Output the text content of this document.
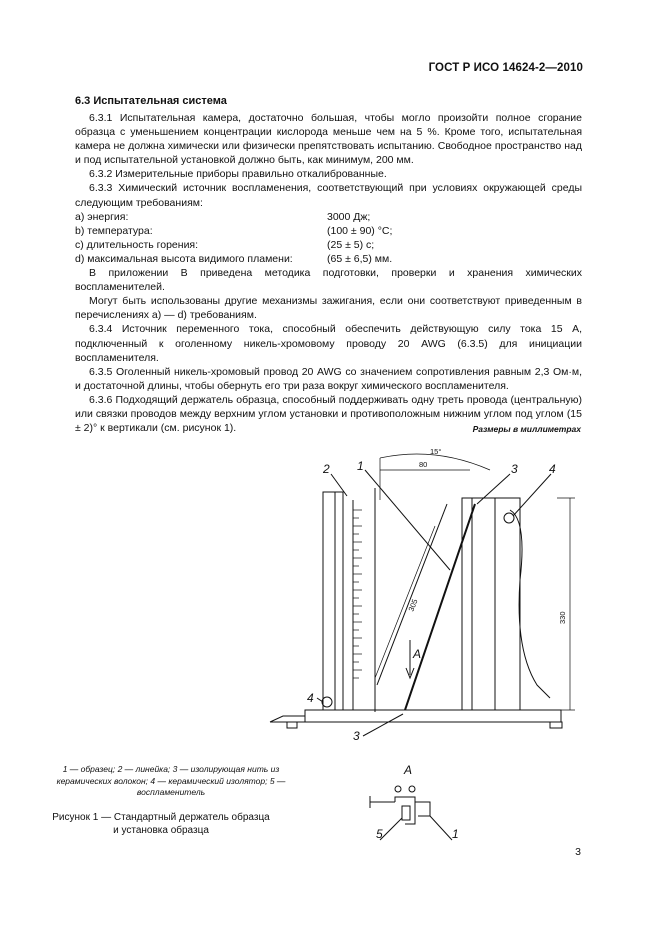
ГОСТ Р ИСО 14624-2—2010
6.3 Испытательная система

6.3.1 Испытательная камера, достаточно большая, чтобы могло произойти полное сгорание образца с уменьшением концентрации кислорода меньше чем на 5 %. Кроме того, испытательная камера не должна химически или физически препятствовать испытанию. Свободное пространство над и под испытательной установкой должно быть, как минимум, 200 мм.

6.3.2 Измерительные приборы правильно откалиброванные.

6.3.3 Химический источник воспламенения, соответствующий при условиях окружающей среды следующим требованиям:

a) энергия:	3000 Дж;
b) температура:	(100 ± 90) °С;
c) длительность горения:	(25 ± 5) с;
d) максимальная высота видимого пламени:	(65 ± 6,5) мм.

В приложении В приведена методика подготовки, проверки и хранения химических воспламенителей.

Могут быть использованы другие механизмы зажигания, если они соответствуют приведенным в перечислениях a) — d) требованиям.

6.3.4 Источник переменного тока, способный обеспечить действующую силу тока 15 А, подключенный к оголенному никель-хромовому проводу 20 AWG (6.3.5) для инициации воспламенителя.

6.3.5 Оголенный никель-хромовый провод 20 AWG со значением сопротивления равным 2,3 Ом·м, и достаточной длины, чтобы обернуть его три раза вокруг химического воспламенителя.

6.3.6 Подходящий держатель образца, способный поддерживать одну треть провода (центральную) или связки проводов между верхним углом установки и противоположным нижним углом под углом (15 ± 2)° к вертикали (см. рисунок 1).	Размеры в миллиметрах
2 1	3	4
4
3
А
15°
80
305
330
1 — образец; 2 — линейка; 3 — изолирующая нить из керамических волокон; 4 — керамический изолятор; 5 — воспламенитель
Рисунок 1 — Стандартный держатель образца
и установка образца
А
5	1
3
